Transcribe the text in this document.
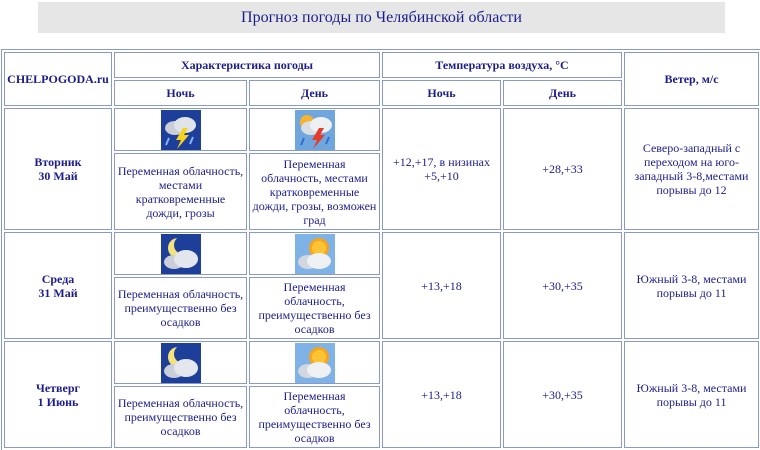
Прогноз погоды по Челябинской области
CHELPOGODA.ru	Характеристика погоды		Температура воздуха, °С		Ветер, м/с
	Ночь	День	Ночь	День	
Вторник
30 Май			+12,+17, в низинах +5,+10	+28,+33	Северо-западный с переходом на юго-западный 3-8,местами порывы до 12
	Переменная облачность, местами кратковременные дожди, грозы	Переменная облачность, местами кратковременные дожди, грозы, возможен град			
Среда
31 Май			+13,+18	+30,+35	Южный 3-8, местами порывы до 11
	Переменная облачность, преимущественно без осадков	Переменная облачность, преимущественно без осадков			
Четверг
1 Июнь			+13,+18	+30,+35	Южный 3-8, местами порывы до 11
	Переменная облачность, преимущественно без осадков	Переменная облачность, преимущественно без осадков			
